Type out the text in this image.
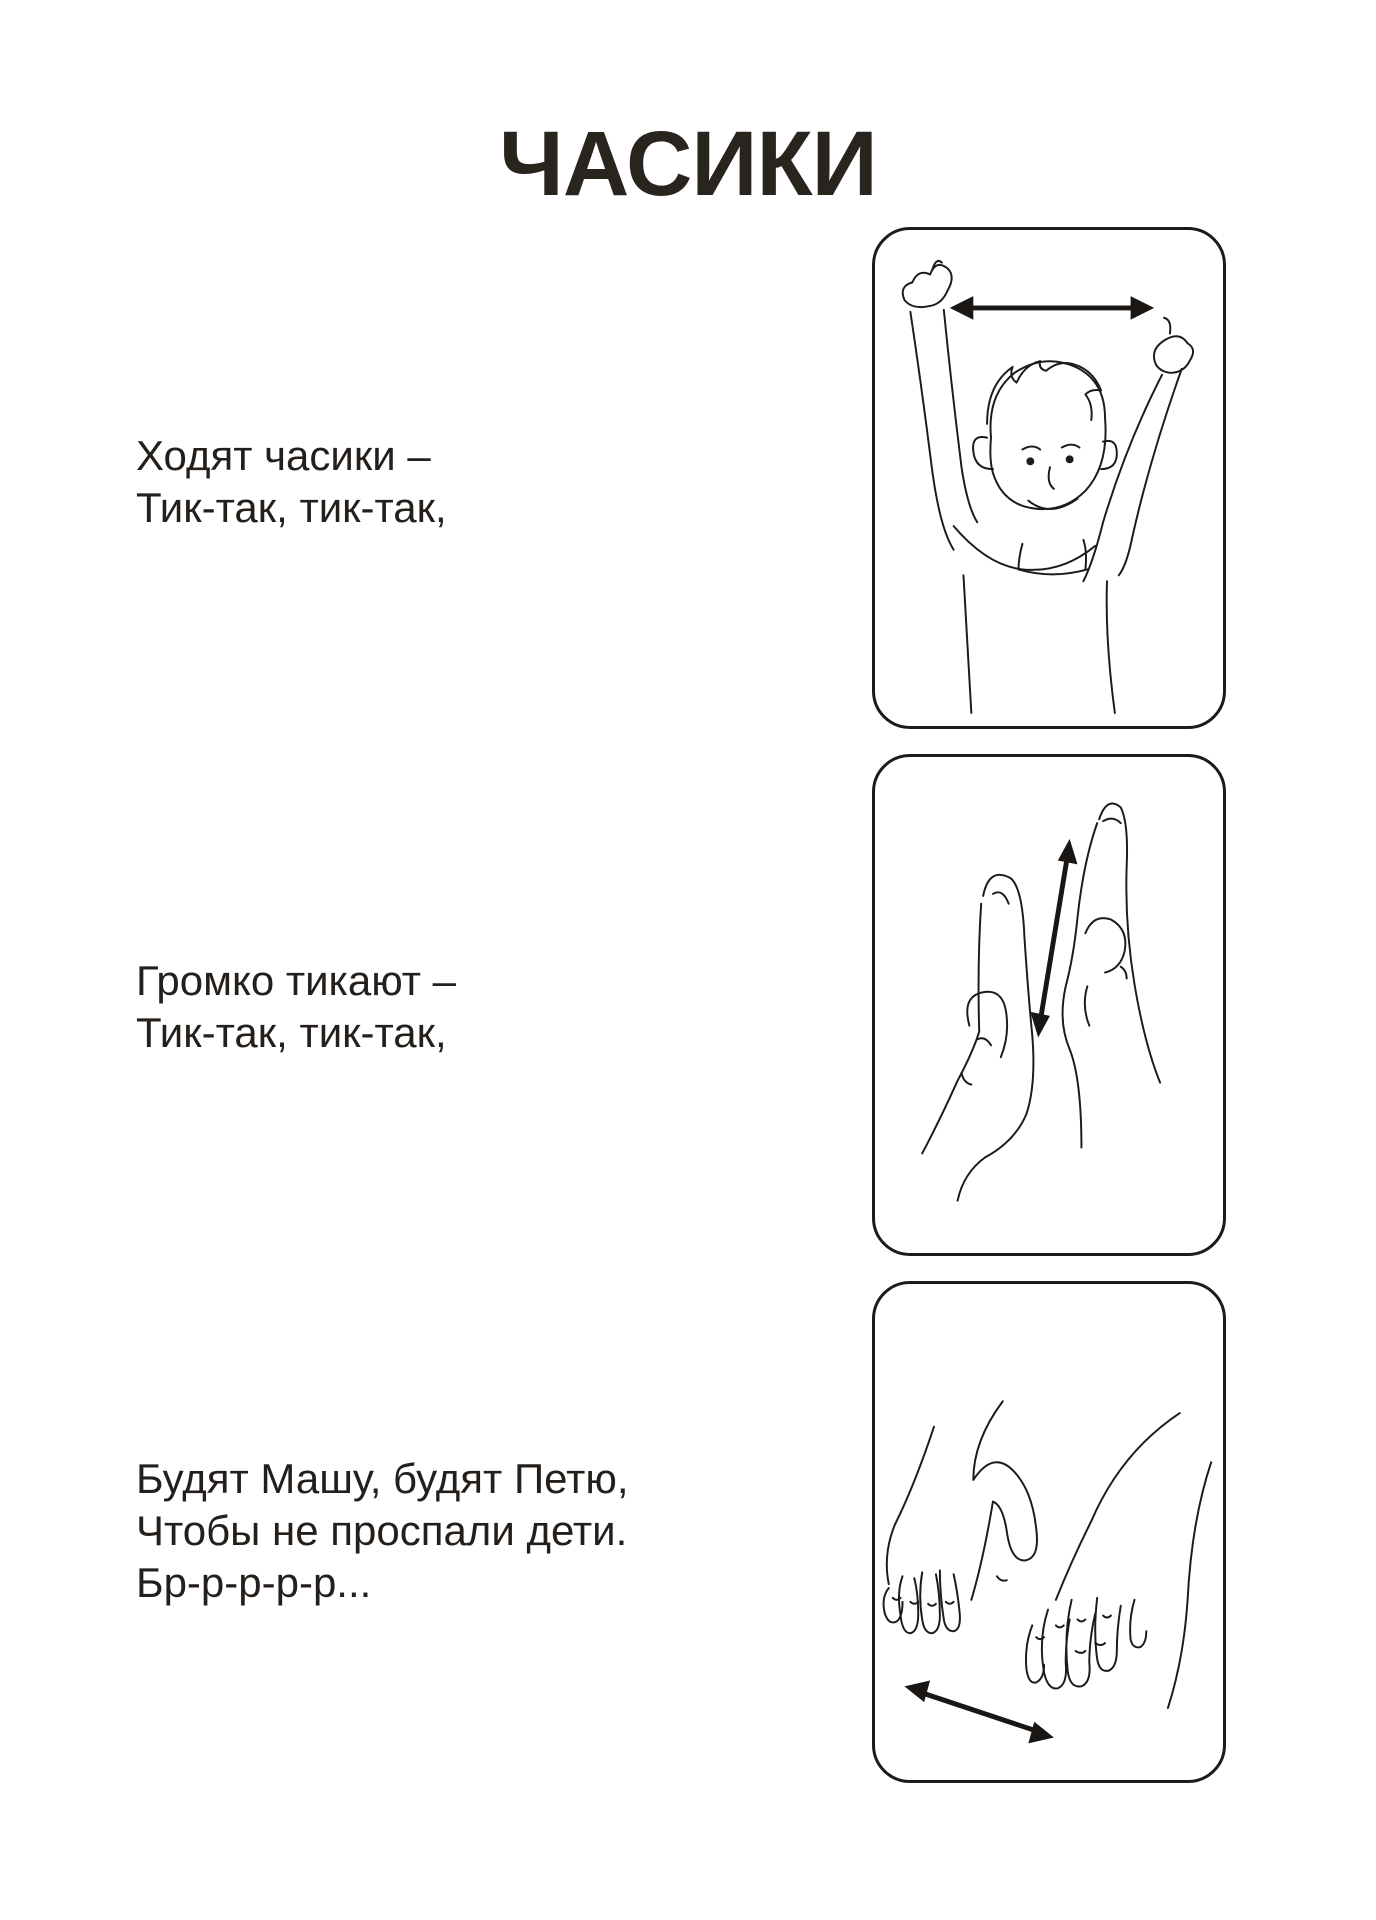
ЧАСИКИ
Ходят часики –
Тик-так, тик-так,
Громко тикают –
Тик-так, тик-так,
Будят Машу, будят Петю,
Чтобы не проспали дети.
Бр-р-р-р-р...
